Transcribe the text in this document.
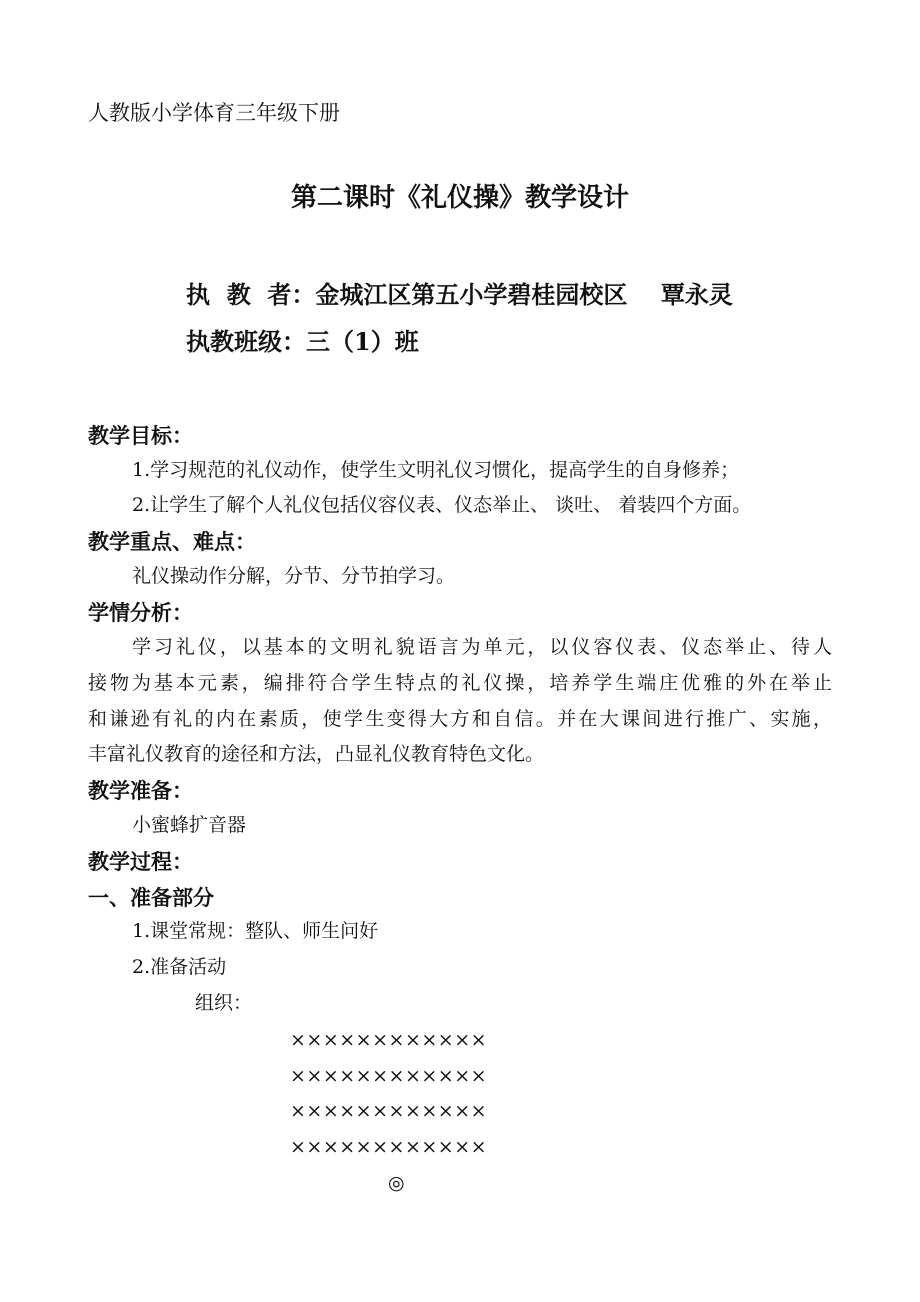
人教版小学体育三年级下册
第二课时《礼仪操》教学设计
执  教  者：金城江区第五小学碧桂园校区    覃永灵
执教班级：三（1）班
教学目标：
1.学习规范的礼仪动作，使学生文明礼仪习惯化，提高学生的自身修养；
2.让学生了解个人礼仪包括仪容仪表、仪态举止、 谈吐、 着装四个方面。
教学重点、难点：
礼仪操动作分解，分节、分节拍学习。
学情分析：
学习礼仪，以基本的文明礼貌语言为单元，以仪容仪表、仪态举止、待人
接物为基本元素，编排符合学生特点的礼仪操，培养学生端庄优雅的外在举止
和谦逊有礼的内在素质，使学生变得大方和自信。并在大课间进行推广、实施，
丰富礼仪教育的途径和方法，凸显礼仪教育特色文化。
教学准备：
小蜜蜂扩音器
教学过程：
一、准备部分
1.课堂常规：整队、师生问好
2.准备活动
组织：
××××××××××××
××××××××××××
××××××××××××
××××××××××××
◎
